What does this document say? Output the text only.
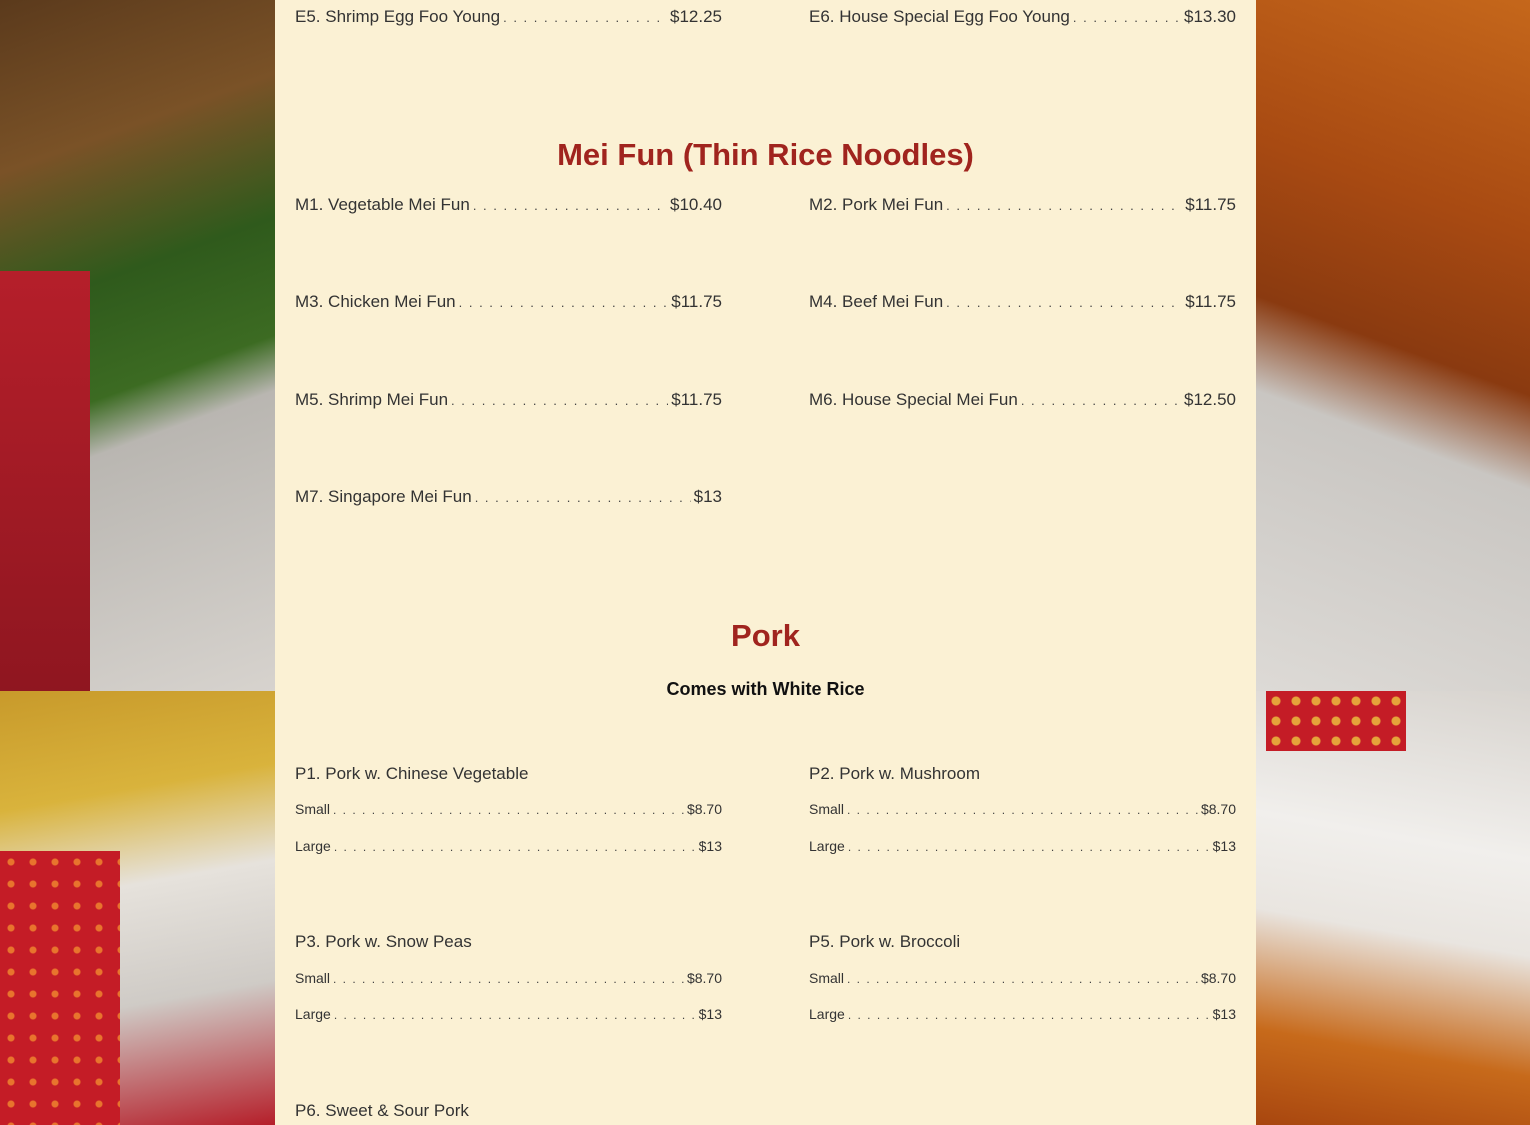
E5. Shrimp Egg Foo Young . . .	$12.25	E6. House Special Egg Foo Young . . .	$13.30
Mei Fun (Thin Rice Noodles)
M1. Vegetable Mei Fun . . .	$10.40	M2. Pork Mei Fun . . .	$11.75
M3. Chicken Mei Fun . . .	$11.75	M4. Beef Mei Fun . . .	$11.75
M5. Shrimp Mei Fun . . .	$11.75	M6. House Special Mei Fun . . .	$12.50
M7. Singapore Mei Fun . . .	$13
Pork
Comes with White Rice
P1. Pork w. Chinese Vegetable
Small . . .	$8.70
Large . . .	$13
P2. Pork w. Mushroom
Small . . .	$8.70
Large . . .	$13
P3. Pork w. Snow Peas
Small . . .	$8.70
Large . . .	$13
P5. Pork w. Broccoli
Small . . .	$8.70
Large . . .	$13
P6. Sweet & Sour Pork
